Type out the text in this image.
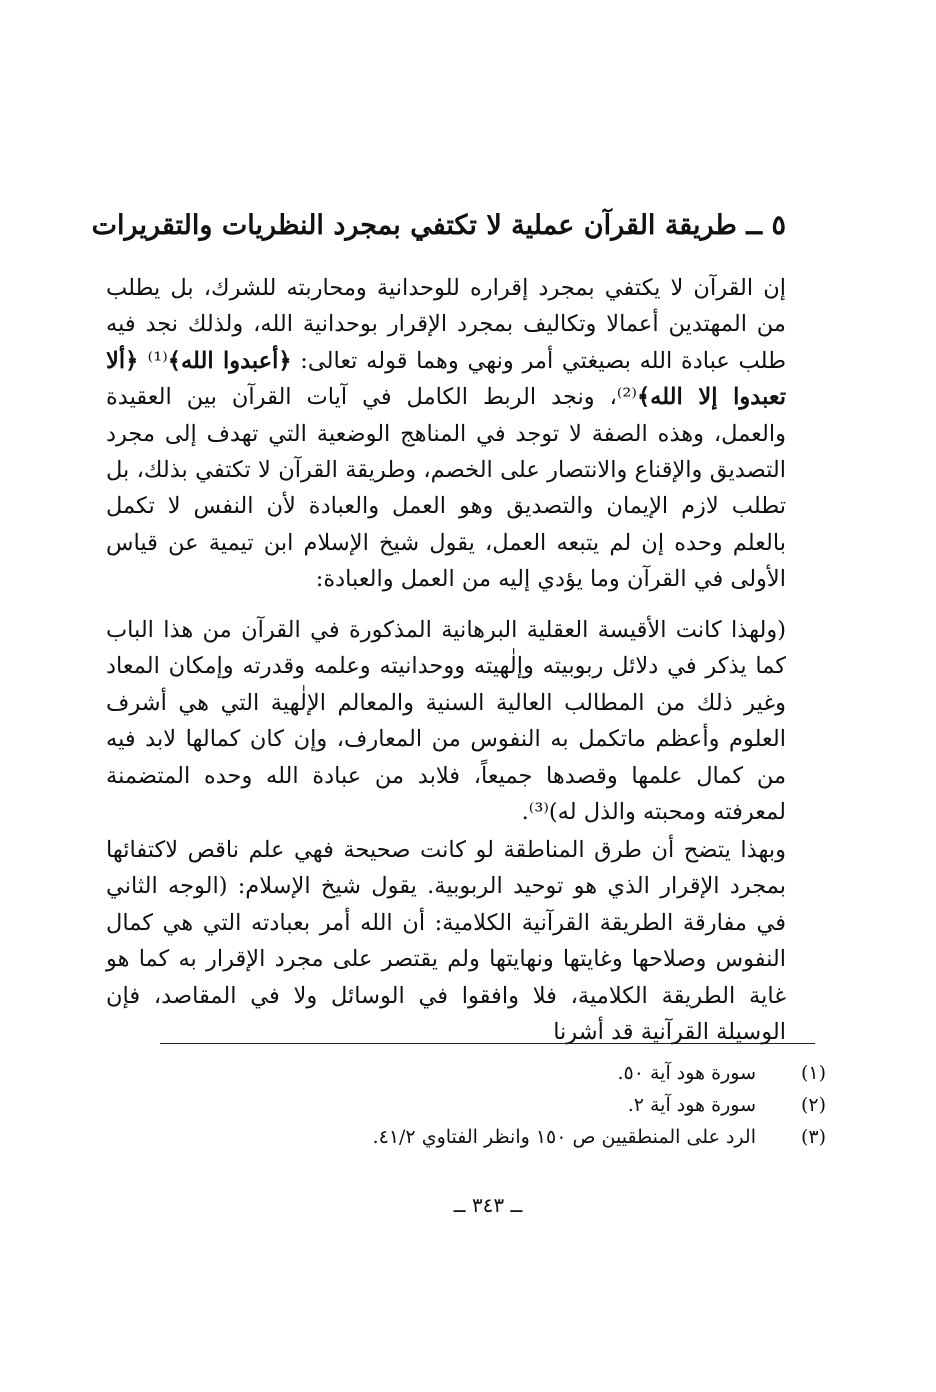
٥ ــ طريقة القرآن عملية لا تكتفي بمجرد النظريات والتقريرات

إن القرآن لا يكتفي بمجرد إقراره للوحدانية ومحاربته للشرك، بل يطلب من المهتدين أعمالا وتكاليف بمجرد الإقرار بوحدانية الله، ولذلك نجد فيه طلب عبادة الله بصيغتي أمر ونهي وهما قوله تعالى: ﴿أعبدوا الله﴾⁽¹⁾ ﴿ألا تعبدوا إلا الله﴾⁽²⁾، ونجد الربط الكامل في آيات القرآن بين العقيدة والعمل، وهذه الصفة لا توجد في المناهج الوضعية التي تهدف إلى مجرد التصديق والإقناع والانتصار على الخصم، وطريقة القرآن لا تكتفي بذلك، بل تطلب لازم الإيمان والتصديق وهو العمل والعبادة لأن النفس لا تكمل بالعلم وحده إن لم يتبعه العمل، يقول شيخ الإسلام ابن تيمية عن قياس الأولى في القرآن وما يؤدي إليه من العمل والعبادة:

(ولهذا كانت الأقيسة العقلية البرهانية المذكورة في القرآن من هذا الباب كما يذكر في دلائل ربوبيته وإلٰهيته ووحدانيته وعلمه وقدرته وإمكان المعاد وغير ذلك من المطالب العالية السنية والمعالم الإلٰهية التي هي أشرف العلوم وأعظم ماتكمل به النفوس من المعارف، وإن كان كمالها لابد فيه من كمال علمها وقصدها جميعاً، فلابد من عبادة الله وحده المتضمنة لمعرفته ومحبته والذل له)⁽³⁾.

وبهذا يتضح أن طرق المناطقة لو كانت صحيحة فهي علم ناقص لاكتفائها بمجرد الإقرار الذي هو توحيد الربوبية. يقول شيخ الإسلام: (الوجه الثاني في مفارقة الطريقة القرآنية الكلامية: أن الله أمر بعبادته التي هي كمال النفوس وصلاحها وغايتها ونهايتها ولم يقتصر على مجرد الإقرار به كما هو غاية الطريقة الكلامية، فلا وافقوا في الوسائل ولا في المقاصد، فإن الوسيلة القرآنية قد أشرنا

(١)
سورة هود آية ٥٠.
(٢)
سورة هود آية ٢.
(٣)
الرد على المنطقيين ص ١٥٠ وانظر الفتاوي ٤١/٢.
ــ ٣٤٣ ــ
